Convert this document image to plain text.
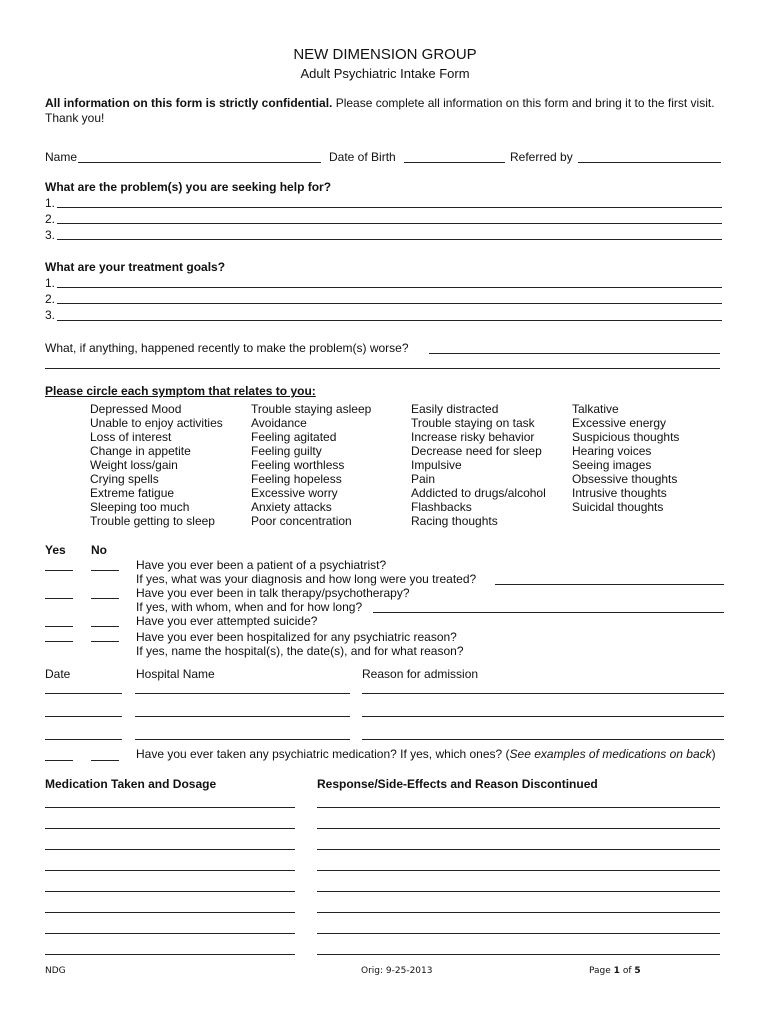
NEW DIMENSION GROUP
Adult Psychiatric Intake Form
All information on this form is strictly confidential. Please complete all information on this form and bring it to the first visit.
Thank you!
Name	Date of Birth	Referred by
What are the problem(s) you are seeking help for?
1.
2.
3.
What are your treatment goals?
1.
2.
3.
What, if anything, happened recently to make the problem(s) worse?
Please circle each symptom that relates to you:
Depressed Mood
Unable to enjoy activities
Loss of interest
Change in appetite
Weight loss/gain
Crying spells
Extreme fatigue
Sleeping too much
Trouble getting to sleep
Trouble staying asleep
Avoidance
Feeling agitated
Feeling guilty
Feeling worthless
Feeling hopeless
Excessive worry
Anxiety attacks
Poor concentration
Easily distracted
Trouble staying on task
Increase risky behavior
Decrease need for sleep
Impulsive
Pain
Addicted to drugs/alcohol
Flashbacks
Racing thoughts
Talkative
Excessive energy
Suspicious thoughts
Hearing voices
Seeing images
Obsessive thoughts
Intrusive thoughts
Suicidal thoughts
Yes No
Have you ever been a patient of a psychiatrist?
If yes, what was your diagnosis and how long were you treated?
Have you ever been in talk therapy/psychotherapy?
If yes, with whom, when and for how long?
Have you ever attempted suicide?
Have you ever been hospitalized for any psychiatric reason?
If yes, name the hospital(s), the date(s), and for what reason?
Date	Hospital Name	Reason for admission
Have you ever taken any psychiatric medication? If yes, which ones? (See examples of medications on back)
Medication Taken and Dosage	Response/Side-Effects and Reason Discontinued
NDG	Orig: 9-25-2013	Page 1 of 5
